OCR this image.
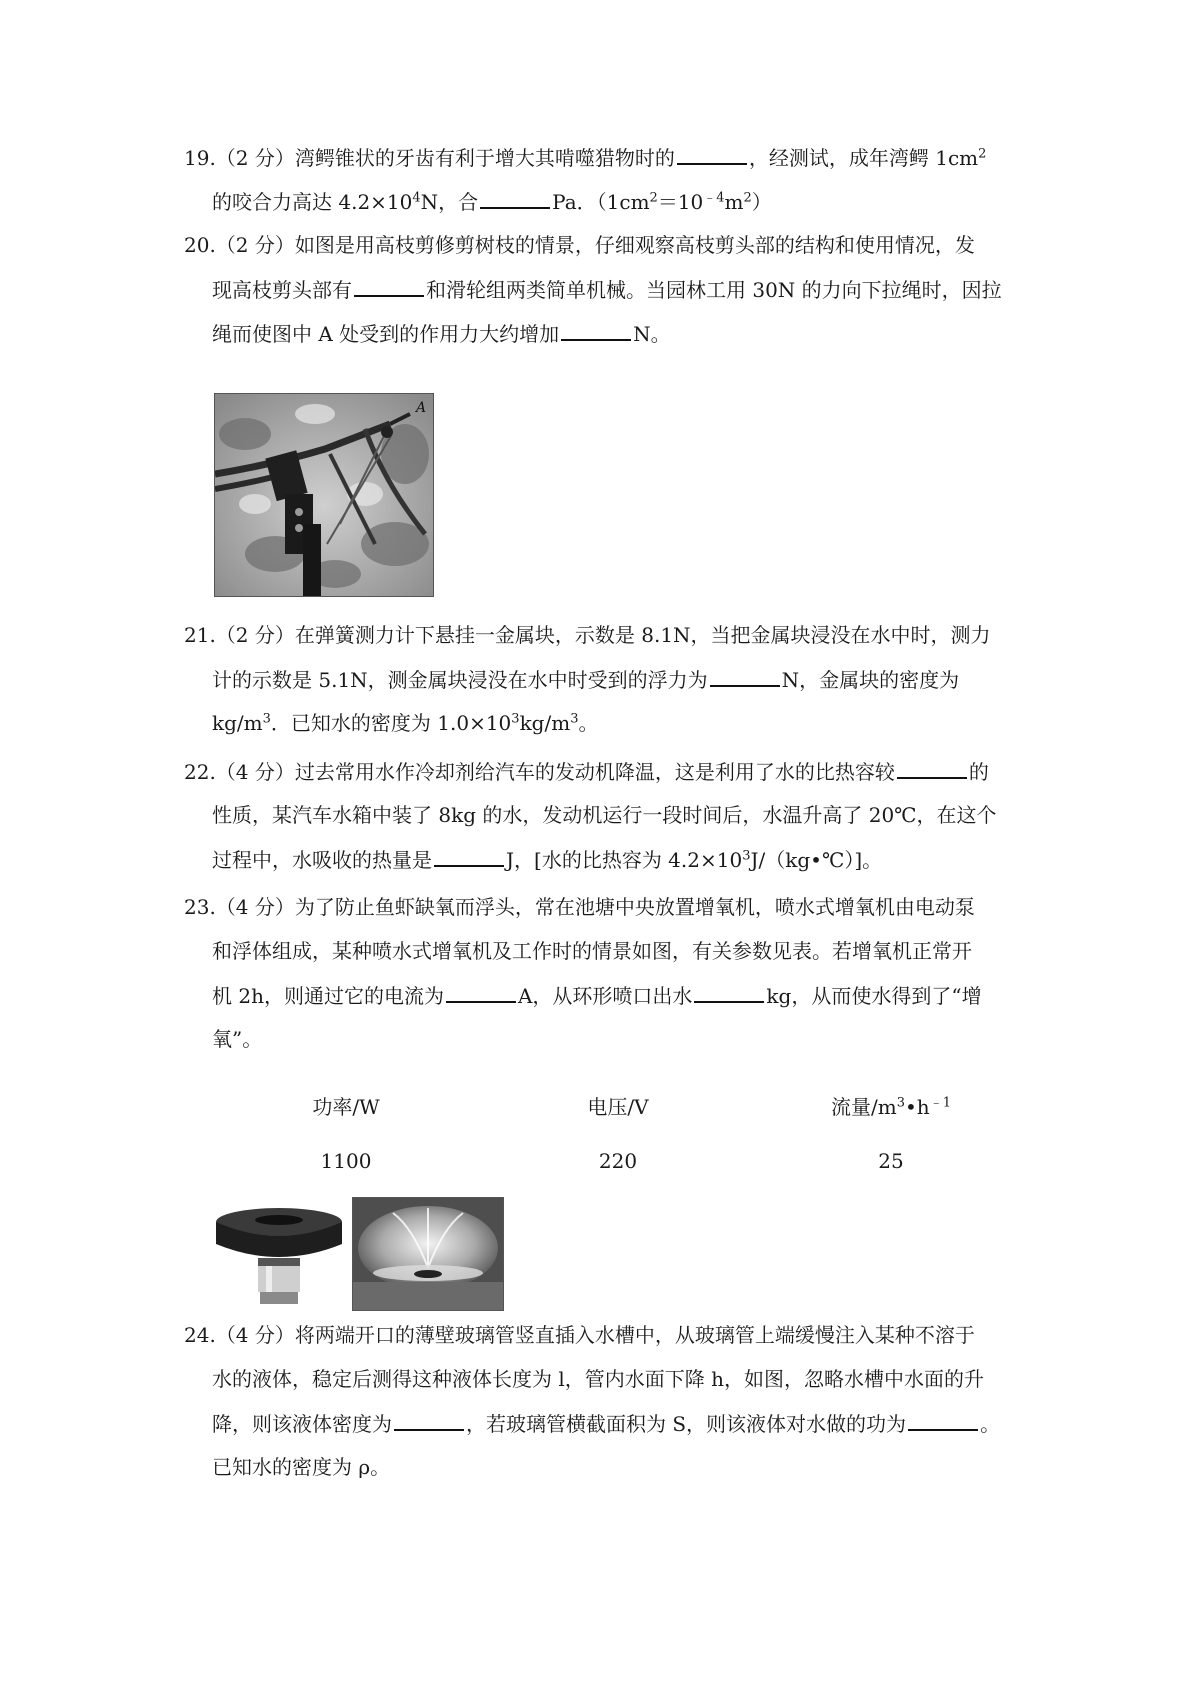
19.（2 分）湾鳄锥状的牙齿有利于增大其啃噬猎物时的	，经测试，成年湾鳄 $1cm^2$
的咬合力高达 $4.2\times 10^4N$，合	Pa．$(1cm^2=10^{﹣4}m^2)$
20.（2 分）如图是用高枝剪修剪树枝的情景，仔细观察高枝剪头部的结构和使用情况，发
现高枝剪头部有	和滑轮组两类简单机械。当园林工用 30N 的力向下拉绳时，因拉
绳而使图中 A 处受到的作用力大约增加	N。
A
21.（2 分）在弹簧测力计下悬挂一金属块，示数是 8.1N，当把金属块浸没在水中时，测力
计的示数是 5.1N，测金属块浸没在水中时受到的浮力为	N，金属块的密度为
$kg/m^3$．已知水的密度为 $1.0\times 10^3kg/m^3$。
22.（4 分）过去常用水作冷却剂给汽车的发动机降温，这是利用了水的比热容较	的
性质，某汽车水箱中装了 8kg 的水，发动机运行一段时间后，水温升高了 20℃，在这个
过程中，水吸收的热量是	J，[水的比热容为 $4.2\times 10^3J/(kg•℃)$]。
23.（4 分）为了防止鱼虾缺氧而浮头，常在池塘中央放置增氧机，喷水式增氧机由电动泵
和浮体组成，某种喷水式增氧机及工作时的情景如图，有关参数见表。若增氧机正常开
机 2h，则通过它的电流为	A，从环形喷口出水	kg，从而使水得到了“增
氧”。
功率/W	电压/V	流量$/m^3•h^{﹣1}$
1100	220	25
24.（4 分）将两端开口的薄壁玻璃管竖直插入水槽中，从玻璃管上端缓慢注入某种不溶于
水的液体，稳定后测得这种液体长度为 l，管内水面下降 h，如图，忽略水槽中水面的升
降，则该液体密度为	，若玻璃管横截面积为 S，则该液体对水做的功为	。
已知水的密度为 ρ。
